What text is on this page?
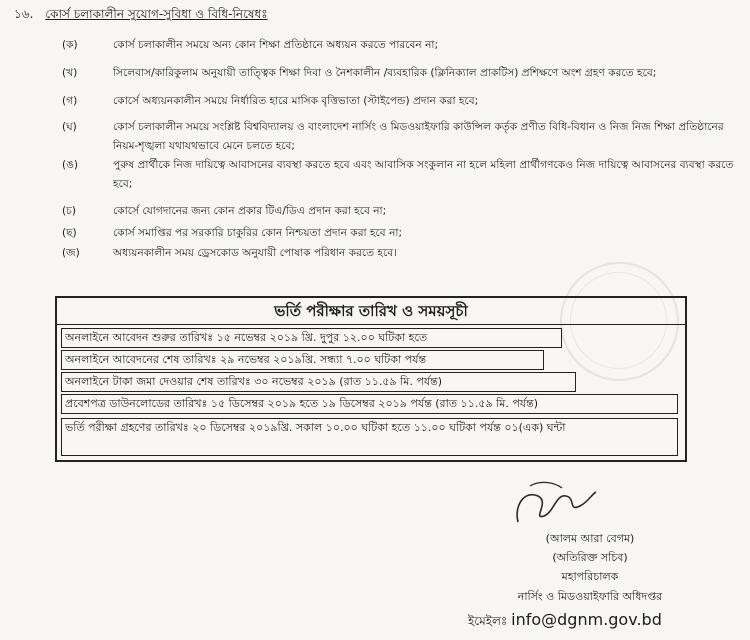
১৬. কোর্স চলাকালীন সুযোগ-সুবিধা ও বিধি-নিষেধঃ
(ক)	কোর্স চলাকালীন সময়ে অন্য কোন শিক্ষা প্রতিষ্ঠানে অধ্যয়ন করতে পারবেন না;
(খ)	সিলেবাস/কারিকুলাম অনুযায়ী তাত্ত্বিক শিক্ষা দিবা ও নৈশকালীন /ব্যবহারিক (ক্লিনিক্যাল প্রাকটিস) প্রশিক্ষণে অংশ গ্রহণ করতে হবে;
(গ)	কোর্সে অধ্যয়নকালীন সময়ে নির্ধারিত হারে মাসিক বৃত্তিভাতা (স্টাইপেন্ড) প্রদান করা হবে;
(ঘ)	কোর্স চলাকালীন সময়ে সংশ্লিষ্ট বিশ্ববিদ্যালয় ও বাংলাদেশ নার্সিং ও মিডওয়াইফারি কাউন্সিল কর্তৃক প্রণীত বিধি-বিধান ও নিজ নিজ শিক্ষা প্রতিষ্ঠানের নিয়ম-শৃঙ্খলা যথাযথভাবে মেনে চলতে হবে;
(ঙ)	পুরুষ প্রার্থীকে নিজ দায়িত্বে আবাসনের ব্যবস্থা করতে হবে এবং আবাসিক সংকুলান না হলে মহিলা প্রার্থীগণকেও নিজ দায়িত্বে আবাসনের ব্যবস্থা করতে হবে;
(চ)	কোর্সে যোগদানের জন্য কোন প্রকার টিএ/ডিএ প্রদান করা হবে না;
(ছ)	কোর্স সমাপ্তির পর সরকারি চাকুরির কোন নিশ্চয়তা প্রদান করা হবে না;
(জ)	অধ্যয়নকালীন সময় ড্রেসকোড অনুযায়ী পোষাক পরিধান করতে হবে।
ভর্তি পরীক্ষার তারিখ ও সময়সূচী
অনলাইনে আবেদন শুরুর তারিখঃ ১৫ নভেম্বর ২০১৯ খ্রি. দুপুর ১২.০০ ঘটিকা হতে
অনলাইনে আবেদনের শেষ তারিখঃ ২৯ নভেম্বর ২০১৯খ্রি. সন্ধ্যা ৭.০০ ঘটিকা পর্যন্ত
অনলাইনে টাকা জমা দেওয়ার শেষ তারিখঃ ৩০ নভেম্বর ২০১৯ (রাত ১১.৫৯ মি. পর্যন্ত)
প্রবেশপত্র ডাউনলোডের তারিখঃ ১৫ ডিসেম্বর ২০১৯ হতে ১৯ ডিসেম্বর ২০১৯ পর্যন্ত (রাত ১১.৫৯ মি. পর্যন্ত)
ভর্তি পরীক্ষা গ্রহণের তারিখঃ ২০ ডিসেম্বর ২০১৯খ্রি. সকাল ১০.০০ ঘটিকা হতে ১১.০০ ঘটিকা পর্যন্ত ০১(এক) ঘন্টা
(আলম আরা বেগম)
(অতিরিক্ত সচিব)
মহাপরিচালক
নার্সিং ও মিডওয়াইফারি অধিদপ্তর
ইমেইলঃ info@dgnm.gov.bd
